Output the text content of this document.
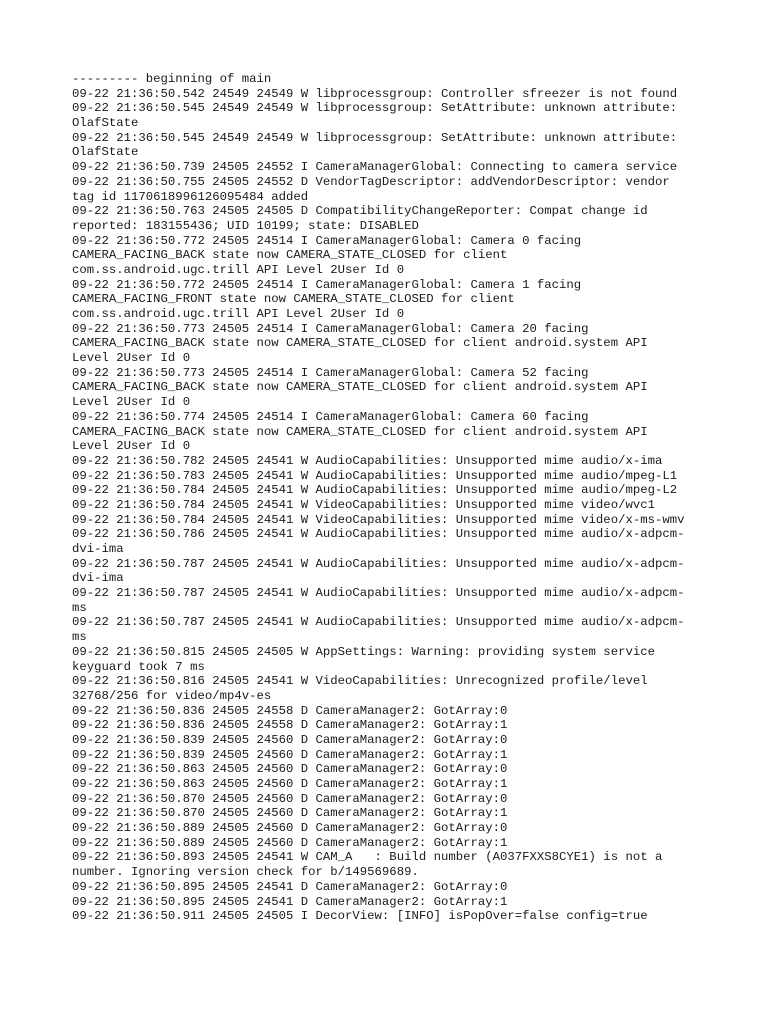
--------- beginning of main
09-22 21:36:50.542 24549 24549 W libprocessgroup: Controller sfreezer is not found
09-22 21:36:50.545 24549 24549 W libprocessgroup: SetAttribute: unknown attribute:
OlafState
09-22 21:36:50.545 24549 24549 W libprocessgroup: SetAttribute: unknown attribute:
OlafState
09-22 21:36:50.739 24505 24552 I CameraManagerGlobal: Connecting to camera service
09-22 21:36:50.755 24505 24552 D VendorTagDescriptor: addVendorDescriptor: vendor
tag id 1170618996126095484 added
09-22 21:36:50.763 24505 24505 D CompatibilityChangeReporter: Compat change id
reported: 183155436; UID 10199; state: DISABLED
09-22 21:36:50.772 24505 24514 I CameraManagerGlobal: Camera 0 facing
CAMERA_FACING_BACK state now CAMERA_STATE_CLOSED for client
com.ss.android.ugc.trill API Level 2User Id 0
09-22 21:36:50.772 24505 24514 I CameraManagerGlobal: Camera 1 facing
CAMERA_FACING_FRONT state now CAMERA_STATE_CLOSED for client
com.ss.android.ugc.trill API Level 2User Id 0
09-22 21:36:50.773 24505 24514 I CameraManagerGlobal: Camera 20 facing
CAMERA_FACING_BACK state now CAMERA_STATE_CLOSED for client android.system API
Level 2User Id 0
09-22 21:36:50.773 24505 24514 I CameraManagerGlobal: Camera 52 facing
CAMERA_FACING_BACK state now CAMERA_STATE_CLOSED for client android.system API
Level 2User Id 0
09-22 21:36:50.774 24505 24514 I CameraManagerGlobal: Camera 60 facing
CAMERA_FACING_BACK state now CAMERA_STATE_CLOSED for client android.system API
Level 2User Id 0
09-22 21:36:50.782 24505 24541 W AudioCapabilities: Unsupported mime audio/x-ima
09-22 21:36:50.783 24505 24541 W AudioCapabilities: Unsupported mime audio/mpeg-L1
09-22 21:36:50.784 24505 24541 W AudioCapabilities: Unsupported mime audio/mpeg-L2
09-22 21:36:50.784 24505 24541 W VideoCapabilities: Unsupported mime video/wvc1
09-22 21:36:50.784 24505 24541 W VideoCapabilities: Unsupported mime video/x-ms-wmv
09-22 21:36:50.786 24505 24541 W AudioCapabilities: Unsupported mime audio/x-adpcm-
dvi-ima
09-22 21:36:50.787 24505 24541 W AudioCapabilities: Unsupported mime audio/x-adpcm-
dvi-ima
09-22 21:36:50.787 24505 24541 W AudioCapabilities: Unsupported mime audio/x-adpcm-
ms
09-22 21:36:50.787 24505 24541 W AudioCapabilities: Unsupported mime audio/x-adpcm-
ms
09-22 21:36:50.815 24505 24505 W AppSettings: Warning: providing system service
keyguard took 7 ms
09-22 21:36:50.816 24505 24541 W VideoCapabilities: Unrecognized profile/level
32768/256 for video/mp4v-es
09-22 21:36:50.836 24505 24558 D CameraManager2: GotArray:0
09-22 21:36:50.836 24505 24558 D CameraManager2: GotArray:1
09-22 21:36:50.839 24505 24560 D CameraManager2: GotArray:0
09-22 21:36:50.839 24505 24560 D CameraManager2: GotArray:1
09-22 21:36:50.863 24505 24560 D CameraManager2: GotArray:0
09-22 21:36:50.863 24505 24560 D CameraManager2: GotArray:1
09-22 21:36:50.870 24505 24560 D CameraManager2: GotArray:0
09-22 21:36:50.870 24505 24560 D CameraManager2: GotArray:1
09-22 21:36:50.889 24505 24560 D CameraManager2: GotArray:0
09-22 21:36:50.889 24505 24560 D CameraManager2: GotArray:1
09-22 21:36:50.893 24505 24541 W CAM_A   : Build number (A037FXXS8CYE1) is not a
number. Ignoring version check for b/149569689.
09-22 21:36:50.895 24505 24541 D CameraManager2: GotArray:0
09-22 21:36:50.895 24505 24541 D CameraManager2: GotArray:1
09-22 21:36:50.911 24505 24505 I DecorView: [INFO] isPopOver=false config=true
